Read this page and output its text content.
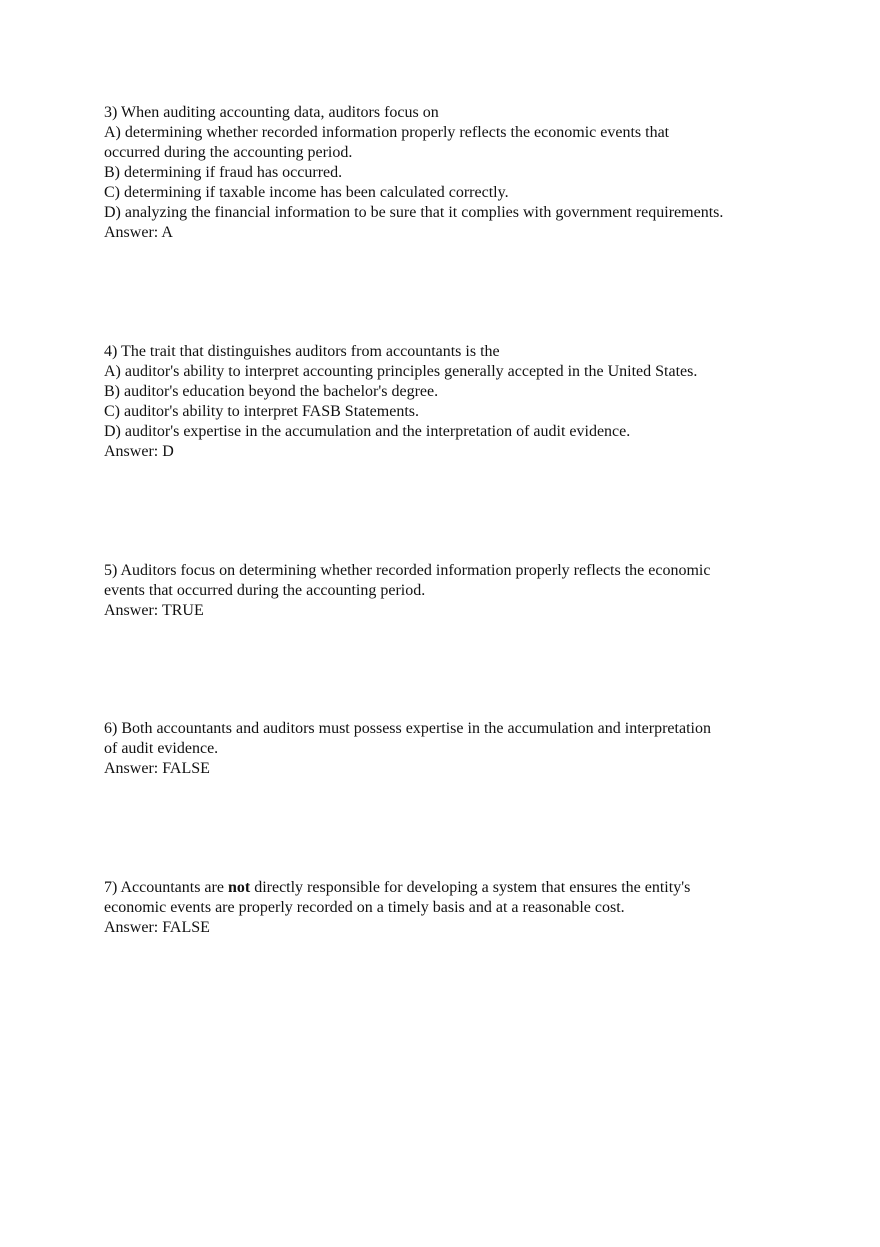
3) When auditing accounting data, auditors focus on
A) determining whether recorded information properly reflects the economic events that
occurred during the accounting period.
B) determining if fraud has occurred.
C) determining if taxable income has been calculated correctly.
D) analyzing the financial information to be sure that it complies with government requirements.
Answer: A
4) The trait that distinguishes auditors from accountants is the
A) auditor's ability to interpret accounting principles generally accepted in the United States.
B) auditor's education beyond the bachelor's degree.
C) auditor's ability to interpret FASB Statements.
D) auditor's expertise in the accumulation and the interpretation of audit evidence.
Answer: D
5) Auditors focus on determining whether recorded information properly reflects the economic
events that occurred during the accounting period.
Answer: TRUE
6) Both accountants and auditors must possess expertise in the accumulation and interpretation
of audit evidence.
Answer: FALSE
7) Accountants are not directly responsible for developing a system that ensures the entity's
economic events are properly recorded on a timely basis and at a reasonable cost.
Answer: FALSE
